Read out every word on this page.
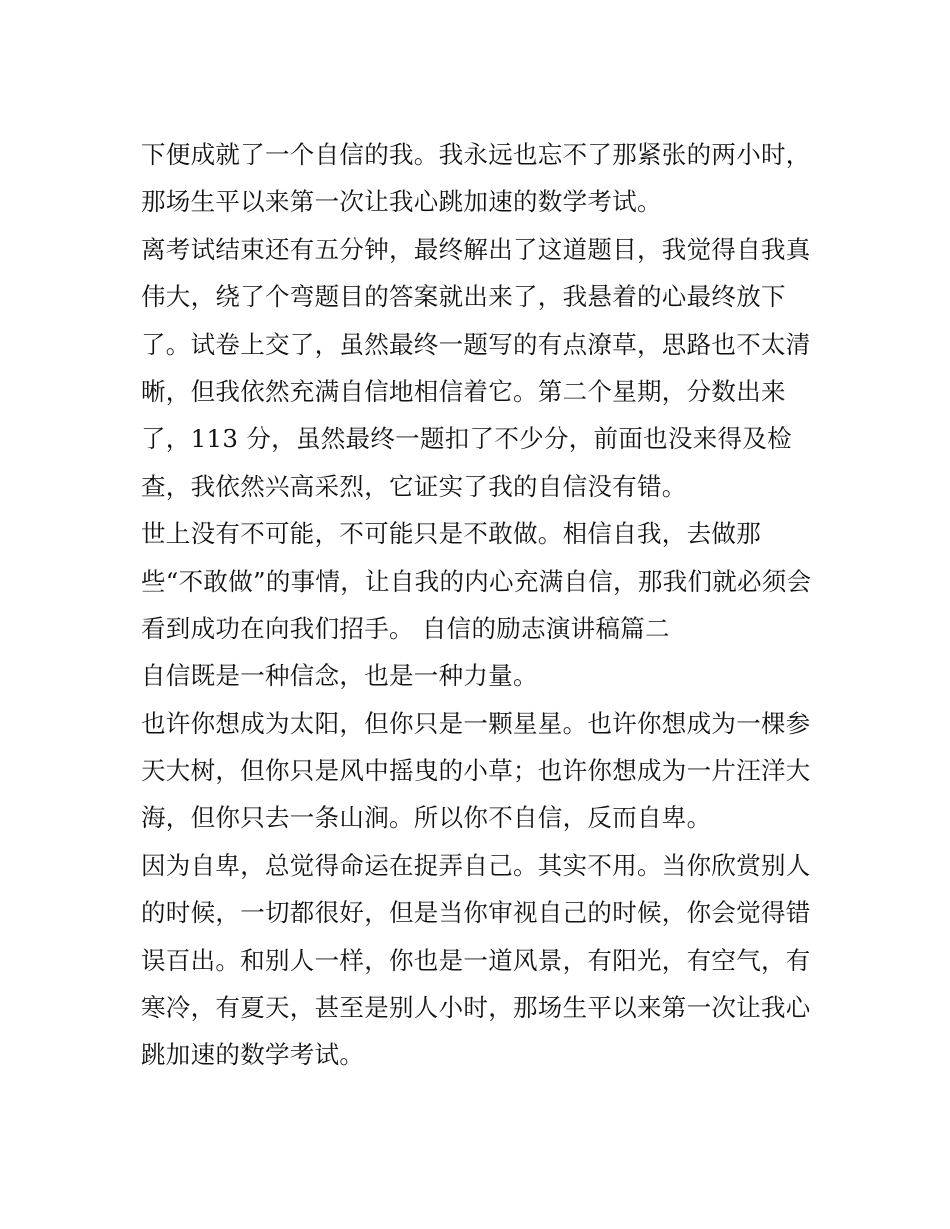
下便成就了一个自信的我。我永远也忘不了那紧张的两小时，
那场生平以来第一次让我心跳加速的数学考试。
离考试结束还有五分钟，最终解出了这道题目，我觉得自我真
伟大，绕了个弯题目的答案就出来了，我悬着的心最终放下
了。试卷上交了，虽然最终一题写的有点潦草，思路也不太清
晰，但我依然充满自信地相信着它。第二个星期，分数出来
了，113 分，虽然最终一题扣了不少分，前面也没来得及检
查，我依然兴高采烈，它证实了我的自信没有错。
世上没有不可能，不可能只是不敢做。相信自我，去做那
些“不敢做”的事情，让自我的内心充满自信，那我们就必须会
看到成功在向我们招手。 自信的励志演讲稿篇二
自信既是一种信念，也是一种力量。
也许你想成为太阳，但你只是一颗星星。也许你想成为一棵参
天大树，但你只是风中摇曳的小草；也许你想成为一片汪洋大
海，但你只去一条山涧。所以你不自信，反而自卑。
因为自卑，总觉得命运在捉弄自己。其实不用。当你欣赏别人
的时候，一切都很好，但是当你审视自己的时候，你会觉得错
误百出。和别人一样，你也是一道风景，有阳光，有空气，有
寒冷，有夏天，甚至是别人小时，那场生平以来第一次让我心
跳加速的数学考试。
